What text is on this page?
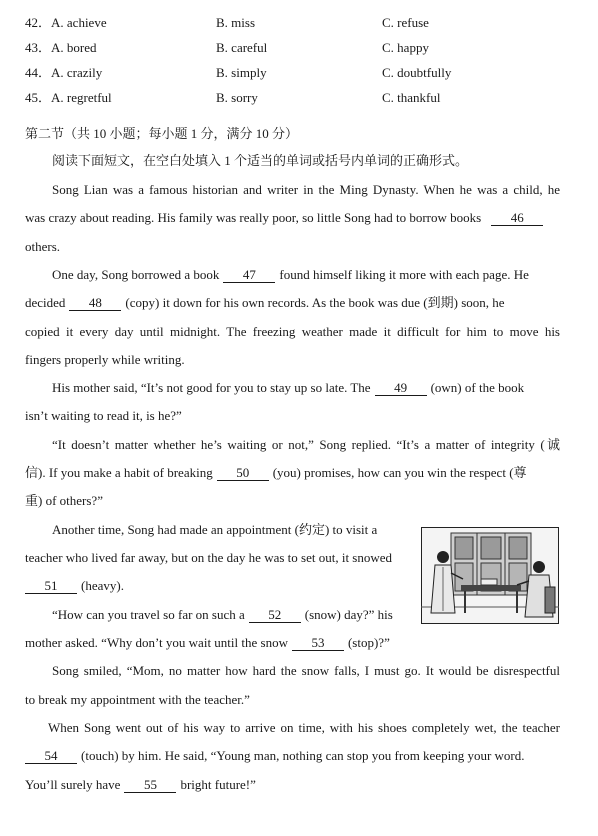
42．A. achieve	B. miss	C. refuse
43．A. bored	B. careful	C. happy
44．A. crazily	B. simply	C. doubtfully
45．A. regretful	B. sorry	C. thankful
第二节（共 10 小题；每小题 1 分，满分 10 分）
阅读下面短文，在空白处填入 1 个适当的单词或括号内单词的正确形式。
Song Lian was a famous historian and writer in the Ming Dynasty. When he was a child, he
was crazy about reading. His family was really poor, so little Song had to borrow books 46
others.
One day, Song borrowed a book 47 found himself liking it more with each page. He
decided 48 (copy) it down for his own records. As the book was due (到期) soon, he
copied it every day until midnight. The freezing weather made it difficult for him to move his
fingers properly while writing.
His mother said, “It’s not good for you to stay up so late. The 49 (own) of the book
isn’t waiting to read it, is he?”
“It doesn’t matter whether he’s waiting or not,” Song replied. “It’s a matter of integrity (诚
信). If you make a habit of breaking 50 (you) promises, how can you win the respect (尊
重) of others?”
Another time, Song had made an appointment (约定) to visit a
teacher who lived far away, but on the day he was to set out, it snowed
51 (heavy).
“How can you travel so far on such a 52 (snow) day?” his
mother asked. “Why don’t you wait until the snow 53 (stop)?”
Song smiled, “Mom, no matter how hard the snow falls, I must go. It would be disrespectful
to break my appointment with the teacher.”
When Song went out of his way to arrive on time, with his shoes completely wet, the teacher
54 (touch) by him. He said, “Young man, nothing can stop you from keeping your word.
You’ll surely have 55 bright future!”
